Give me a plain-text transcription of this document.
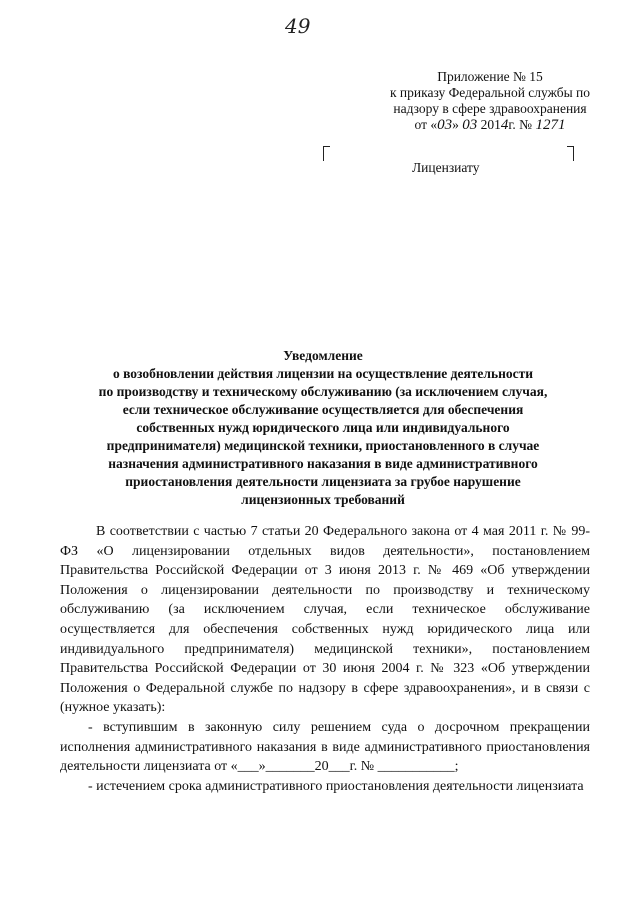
49
Приложение № 15
к приказу Федеральной службы по
надзору в сфере здравоохранения
от «03» 03 2014г. № 1271
Лицензиату
Уведомление
о возобновлении действия лицензии на осуществление деятельности
по производству и техническому обслуживанию (за исключением случая,
если техническое обслуживание осуществляется для обеспечения
собственных нужд юридического лица или индивидуального
предпринимателя) медицинской техники, приостановленного в случае
назначения административного наказания в виде административного
приостановления деятельности лицензиата за грубое нарушение
лицензионных требований

В соответствии с частью 7 статьи 20 Федерального закона от 4 мая 2011 г. № 99-ФЗ «О лицензировании отдельных видов деятельности», постановлением Правительства Российской Федерации от 3 июня 2013 г. № 469 «Об утверждении Положения о лицензировании деятельности по производству и техническому обслуживанию (за исключением случая, если техническое обслуживание осуществляется для обеспечения собственных нужд юридического лица или индивидуального предпринимателя) медицинской техники», постановлением Правительства Российской Федерации от 30 июня 2004 г. № 323 «Об утверждении Положения о Федеральной службе по надзору в сфере здравоохранения», и в связи с (нужное указать):

- вступившим в законную силу решением суда о досрочном прекращении исполнения административного наказания в виде административного приостановления деятельности лицензиата от «___»_______20___г. № ___________;

- истечением срока административного приостановления деятельности лицензиата
